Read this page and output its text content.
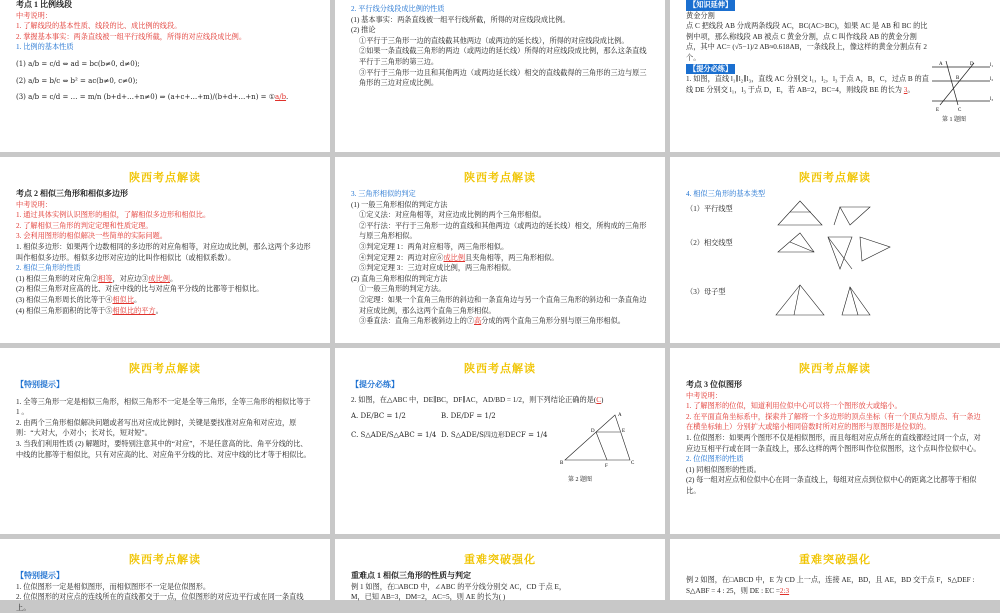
考点 1 比例线段
中考说明：
1. 了解线段的基本性质、线段的比、成比例的线段。
2. 掌握基本事实：两条直线被一组平行线所截，所得的对应线段成比例。
1. 比例的基本性质
(1) a/b = c/d ⇔ ad = bc(b≠0, d≠0);
(2) a/b = b/c ⇔ b² = ac(b≠0, c≠0);
(3) a/b = c/d = … = m/n (b+d+…+n≠0) ⇒ (a+c+…+m)/(b+d+…+n) = ①a/b.
2. 平行线分线段成比例的性质
(1) 基本事实：两条直线被一组平行线所截，所得的对应线段成比例。
(2) 推论
①平行于三角形一边的直线截其他两边（或两边的延长线），所得的对应线段成比例。
②如果一条直线截三角形的两边（或两边的延长线）所得的对应线段成比例，那么这条直线平行于三角形的第三边。
③平行于三角形一边且和其他两边（或两边延长线）相交的直线截得的三角形的三边与原三角形的三边对应成比例。
【知识延伸】
黄金分割
点 C 把线段 AB 分成两条线段 AC，BC(AC>BC)，如果 AC 是 AB 和 BC 的比例中项，那么称线段 AB 被点 C 黄金分割，点 C 叫作线段 AB 的黄金分割点，其中 AC= (√5−1)/2 AB≈0.618AB，一条线段上，像这样的黄金分割点有 2 个。
【提分必练】
1. 如图，直线 l₁∥l₂∥l₃，直线 AC 分别交 l₁，l₂，l₃ 于点 A，B，C，过点 B 的直线 DE 分别交 l₁，l₃ 于点 D，E，若 AB=2，BC=4，则线段 BE 的长为 3。
D
A	l₁
B	l₂
E	C
l₃
第 1 题图
陕西考点解读
考点 2 相似三角形和相似多边形
中考说明：
1. 通过具体实例认识图形的相似，了解相似多边形和相似比。
2. 了解相似三角形的判定定理和性质定理。
3. 会利用图形的相似解决一些简单的实际问题。
1. 相似多边形：如果两个边数相同的多边形的对应角相等，对应边成比例，那么这两个多边形叫作相似多边形。相似多边形对应边的比叫作相似比（或相似系数）。
2. 相似三角形的性质
(1) 相似三角形的对应角②相等，对应边③成比例。
(2) 相似三角形对应高的比、对应中线的比与对应角平分线的比都等于相似比。
(3) 相似三角形周长的比等于④相似比。
(4) 相似三角形面积的比等于⑤相似比的平方。
陕西考点解读
3. 三角形相似的判定
(1) 一般三角形相似的判定方法
①定义法：对应角相等，对应边成比例的两个三角形相似。
②平行法：平行于三角形一边的直线和其他两边（或两边的延长线）相交，所构成的三角形与原三角形相似。
③判定定理 1：两角对应相等，两三角形相似。
④判定定理 2：两边对应⑥成比例且夹角相等，两三角形相似。
⑤判定定理 3：三边对应成比例，两三角形相似。
(2) 直角三角形相似的判定方法
①一般三角形的判定方法。
②定理：如果一个直角三角形的斜边和一条直角边与另一个直角三角形的斜边和一条直角边对应成比例，那么这两个直角三角形相似。
③垂直法：直角三角形被斜边上的⑦高分成的两个直角三角形分别与原三角形相似。
陕西考点解读
4. 相似三角形的基本类型
（1）平行线型
（2）相交线型
（3）母子型
陕西考点解读
【特别提示】
1. 全等三角形一定是相似三角形，相似三角形不一定是全等三角形，全等三角形的相似比等于 1 。
2. 由两个三角形相似解决问题或者写出对应成比例时，关键是要找准对应角和对应边，原则：“大对大，小对小；长对长，短对短”。
3. 当我们利用性质 (2) 解题时，要特别注意其中的“对应”，不是任意高的比、角平分线的比、中线的比都等于相似比，只有对应高的比、对应角平分线的比、对应中线的比才等于相似比。
陕西考点解读
【提分必练】
2. 如图，在△ABC 中，DE∥BC，DF∥AC，AD/BD = 1/2，则下列结论正确的是(C)
A. DE/BC = 1/2	B. DE/DF = 1/2
C. S△ADE/S△ABC = 1/4 D. S△ADE/S四边形DECF = 1/4
A
D	E
B
F
C
第 2 题图
陕西考点解读
考点 3 位似图形
中考说明：
1. 了解图形的位似，知道利用位似中心可以将一个图形放大或缩小。
2. 在平面直角坐标系中，探索并了解将一个多边形的顶点坐标（有一个顶点为原点、有一条边在横坐标轴上）分别扩大或缩小相同倍数时所对应的图形与原图形是位似的。
1. 位似图形：如果两个图形不仅是相似图形，而且每组对应点所在的直线都经过同一个点，对应边互相平行或在同一条直线上，那么这样的两个图形叫作位似图形，这个点叫作位似中心。
2. 位似图形的性质
(1) 同相似图形的性质。
(2) 每一组对应点和位似中心在同一条直线上，每组对应点到位似中心的距离之比都等于相似比。
陕西考点解读
【特别提示】
1. 位似图形一定是相似图形，而相似图形不一定是位似图形。
2. 位似图形的对应点的连线所在的直线都交于一点，位似图形的对应边平行或在同一条直线上。
重难突破强化
重难点 1 相似三角形的性质与判定
例 1 如图，在□ABCD 中，∠ABC 的平分线分别交 AC，CD 于点 E，
M，已知 AB=3，DM=2，AC=5，则 AE 的长为( )
重难突破强化
例 2 如图，在□ABCD 中，E 为 CD 上一点，连接 AE，BD，且 AE，BD 交于点 F，S△DEF : S△ABF = 4 : 25，则 DE : EC =2:3
